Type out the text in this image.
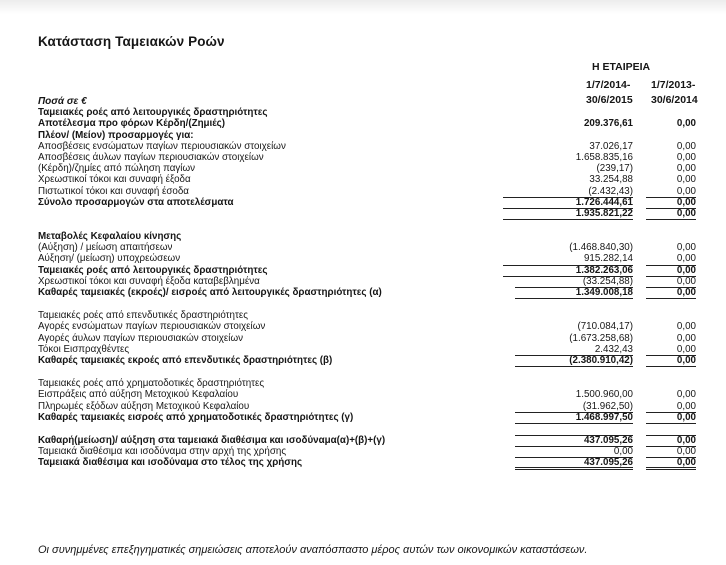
Κατάσταση Ταμειακών Ροών
Η ΕΤΑΙΡΕΙΑ
1/7/2014-
30/6/2015
1/7/2013-
30/6/2014
Ποσά σε €
Ταμειακές ροές από λειτουργικές δραστηριότητες
Αποτέλεσμα προ φόρων Κέρδη/(Ζημιές)	209.376,61	0,00
Πλέον/ (Μείον) προσαρμογές για:
Αποσβέσεις ενσώματων παγίων περιουσιακών στοιχείων	37.026,17	0,00
Αποσβέσεις άυλων παγίων περιουσιακών στοιχείων	1.658.835,16	0,00
(Κέρδη)/ζημίες από πώληση παγίων	(239,17)	0,00
Χρεωστικοί τόκοι και συναφή έξοδα	33.254,88	0,00
Πιστωτικοί τόκοι και συναφή έσοδα	(2.432,43)	0,00
Σύνολο προσαρμογών στα αποτελέσματα	1.726.444,61	0,00
1.935.821,22	0,00
Μεταβολές Κεφαλαίου κίνησης
(Αύξηση) / μείωση απαιτήσεων	(1.468.840,30)	0,00
Αύξηση/ (μείωση) υποχρεώσεων	915.282,14	0,00
Ταμειακές ροές από λειτουργικές δραστηριότητες	1.382.263,06	0,00
Χρεωστικοί τόκοι και συναφή έξοδα καταβεβλημένα	(33.254,88)	0,00
Καθαρές ταμειακές (εκροές)/ εισροές από λειτουργικές δραστηριότητες (α)	1.349.008,18	0,00
Ταμειακές ροές από επενδυτικές δραστηριότητες
Αγορές ενσώματων παγίων περιουσιακών στοιχείων	(710.084,17)	0,00
Αγορές άυλων παγίων περιουσιακών στοιχείων	(1.673.258,68)	0,00
Τόκοι Εισπραχθέντες	2.432,43	0,00
Καθαρές ταμειακές εκροές από επενδυτικές δραστηριότητες (β)	(2.380.910,42)	0,00
Ταμειακές ροές από χρηματοδοτικές δραστηριότητες
Εισπράξεις από αύξηση Μετοχικού Κεφαλαίου	1.500.960,00	0,00
Πληρωμές εξόδων αύξηση Μετοχικού Κεφαλαίου	(31.962,50)	0,00
Καθαρές ταμειακές εισροές από χρηματοδοτικές δραστηριότητες (γ)	1.468.997,50	0,00
Καθαρή(μείωση)/ αύξηση στα ταμειακά διαθέσιμα και ισοδύναμα(α)+(β)+(γ)	437.095,26	0,00
Ταμειακά διαθέσιμα και ισοδύναμα στην αρχή της χρήσης	0,00	0,00
Ταμειακά διαθέσιμα και ισοδύναμα στο τέλος της χρήσης	437.095,26	0,00
Οι συνημμένες επεξηγηματικές σημειώσεις αποτελούν αναπόσπαστο μέρος αυτών των οικονομικών καταστάσεων.
